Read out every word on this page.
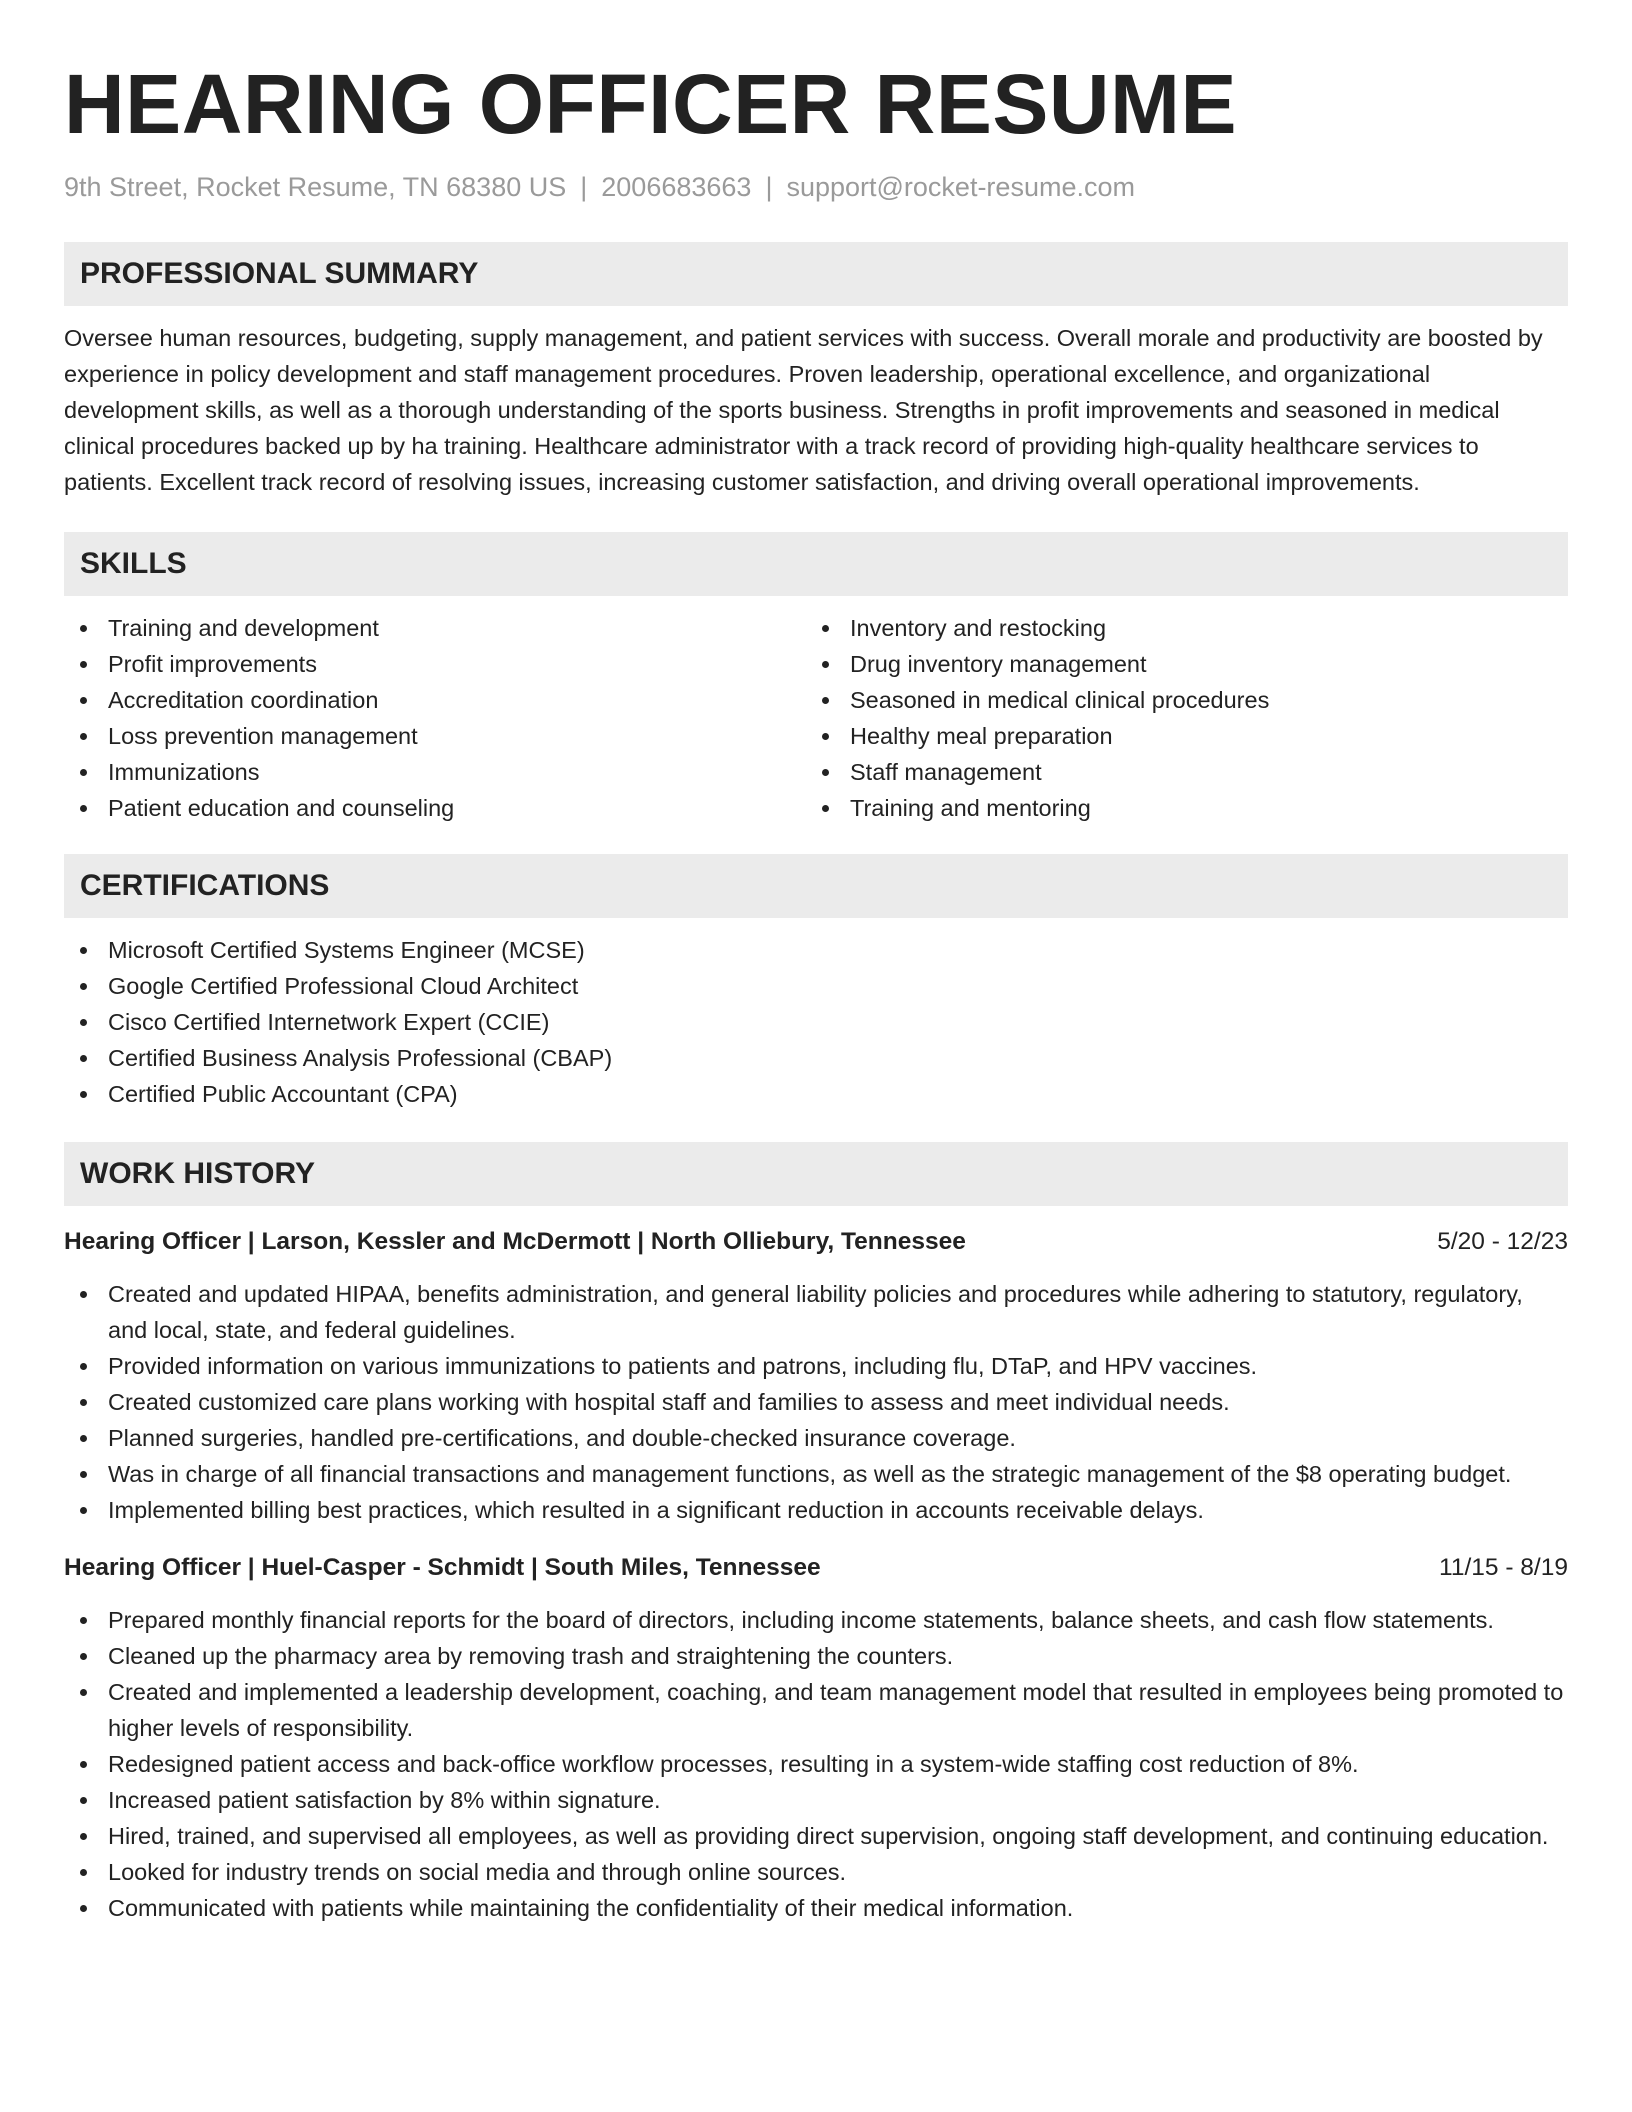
HEARING OFFICER RESUME
9th Street, Rocket Resume, TN 68380 US | 2006683663 | support@rocket-resume.com
PROFESSIONAL SUMMARY

Oversee human resources, budgeting, supply management, and patient services with success. Overall morale and productivity are boosted by experience in policy development and staff management procedures. Proven leadership, operational excellence, and organizational development skills, as well as a thorough understanding of the sports business. Strengths in profit improvements and seasoned in medical clinical procedures backed up by ha training. Healthcare administrator with a track record of providing high-quality healthcare services to patients. Excellent track record of resolving issues, increasing customer satisfaction, and driving overall operational improvements.

SKILLS
Training and development
Profit improvements
Accreditation coordination
Loss prevention management
Immunizations
Patient education and counseling
Inventory and restocking
Drug inventory management
Seasoned in medical clinical procedures
Healthy meal preparation
Staff management
Training and mentoring
CERTIFICATIONS
Microsoft Certified Systems Engineer (MCSE)
Google Certified Professional Cloud Architect
Cisco Certified Internetwork Expert (CCIE)
Certified Business Analysis Professional (CBAP)
Certified Public Accountant (CPA)
WORK HISTORY
Hearing Officer | Larson, Kessler and McDermott | North Olliebury, Tennessee	5/20 - 12/23
Created and updated HIPAA, benefits administration, and general liability policies and procedures while adhering to statutory, regulatory, and local, state, and federal guidelines.
Provided information on various immunizations to patients and patrons, including flu, DTaP, and HPV vaccines.
Created customized care plans working with hospital staff and families to assess and meet individual needs.
Planned surgeries, handled pre-certifications, and double-checked insurance coverage.
Was in charge of all financial transactions and management functions, as well as the strategic management of the $8 operating budget.
Implemented billing best practices, which resulted in a significant reduction in accounts receivable delays.
Hearing Officer | Huel-Casper - Schmidt | South Miles, Tennessee	11/15 - 8/19
Prepared monthly financial reports for the board of directors, including income statements, balance sheets, and cash flow statements.
Cleaned up the pharmacy area by removing trash and straightening the counters.
Created and implemented a leadership development, coaching, and team management model that resulted in employees being promoted to higher levels of responsibility.
Redesigned patient access and back-office workflow processes, resulting in a system-wide staffing cost reduction of 8%.
Increased patient satisfaction by 8% within signature.
Hired, trained, and supervised all employees, as well as providing direct supervision, ongoing staff development, and continuing education.
Looked for industry trends on social media and through online sources.
Communicated with patients while maintaining the confidentiality of their medical information.
